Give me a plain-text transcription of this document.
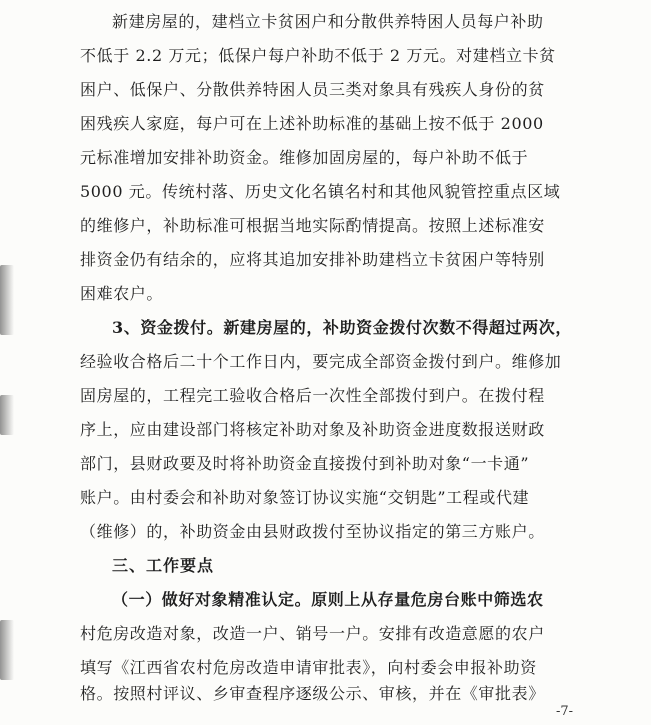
新建房屋的，建档立卡贫困户和分散供养特困人员每户补助
不低于 2.2 万元；低保户每户补助不低于 2 万元。对建档立卡贫
困户、低保户、分散供养特困人员三类对象具有残疾人身份的贫
困残疾人家庭，每户可在上述补助标准的基础上按不低于 2000
元标准增加安排补助资金。维修加固房屋的，每户补助不低于
5000 元。传统村落、历史文化名镇名村和其他风貌管控重点区域
的维修户，补助标准可根据当地实际酌情提高。按照上述标准安
排资金仍有结余的，应将其追加安排补助建档立卡贫困户等特别
困难农户。
3、资金拨付。新建房屋的，补助资金拨付次数不得超过两次，
经验收合格后二十个工作日内，要完成全部资金拨付到户。维修加
固房屋的，工程完工验收合格后一次性全部拨付到户。在拨付程
序上，应由建设部门将核定补助对象及补助资金进度数报送财政
部门，县财政要及时将补助资金直接拨付到补助对象“一卡通”
账户。由村委会和补助对象签订协议实施“交钥匙”工程或代建
（维修）的，补助资金由县财政拨付至协议指定的第三方账户。
三、工作要点
（一）做好对象精准认定。原则上从存量危房台账中筛选农
村危房改造对象，改造一户、销号一户。安排有改造意愿的农户
填写《江西省农村危房改造申请审批表》，向村委会申报补助资
格。按照村评议、乡审查程序逐级公示、审核，并在《审批表》
-7-
